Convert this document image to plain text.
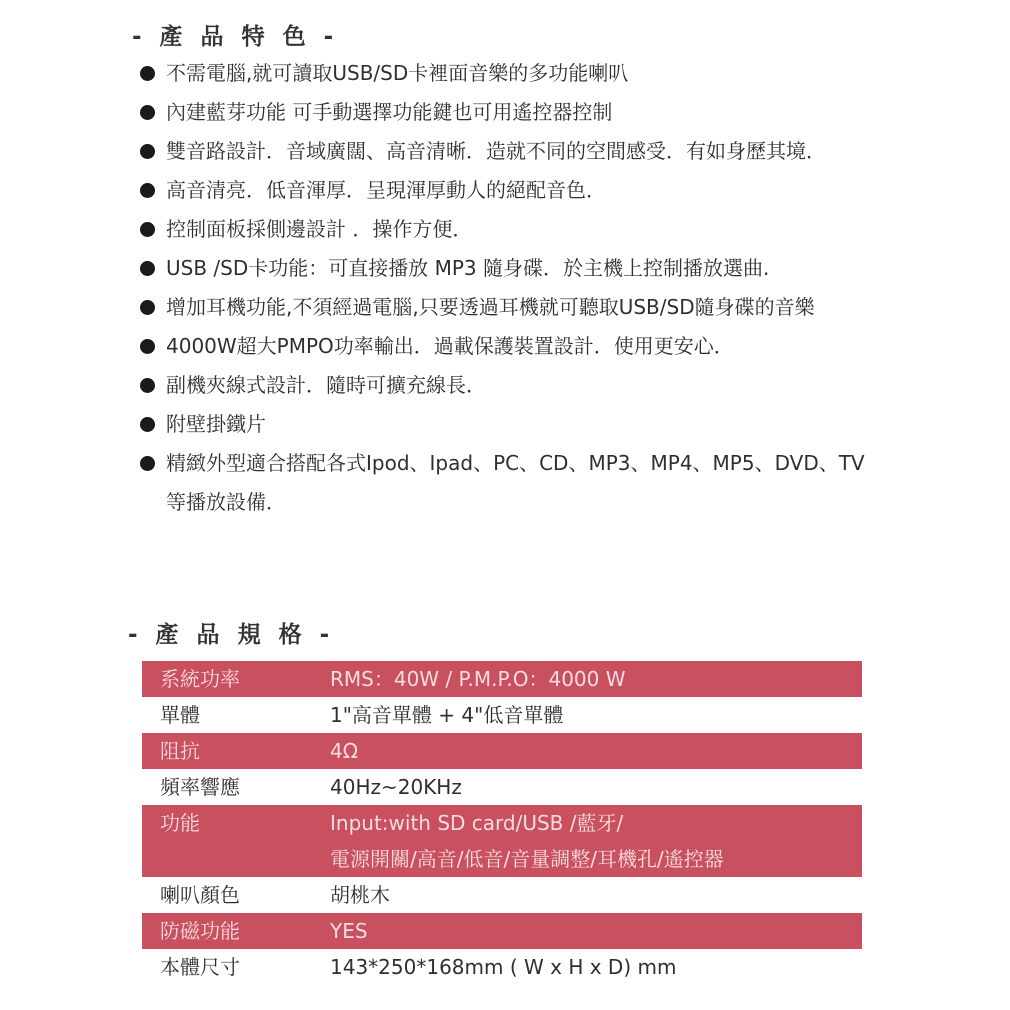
- 產 品 特 色 -
不需電腦,就可讀取USB/SD卡裡面音樂的多功能喇叭
內建藍芽功能 可手動選擇功能鍵也可用遙控器控制
雙音路設計．音域廣闊、高音清晰．造就不同的空間感受．有如身歷其境．
高音清亮．低音渾厚．呈現渾厚動人的絕配音色．
控制面板採側邊設計 ．操作方便．
USB /SD卡功能：可直接播放 MP3 隨身碟．於主機上控制播放選曲.
增加耳機功能,不須經過電腦,只要透過耳機就可聽取USB/SD隨身碟的音樂
4000W超大PMPO功率輸出．過載保護裝置設計．使用更安心．
副機夾線式設計．隨時可擴充線長．
附壁掛鐵片
精緻外型適合搭配各式Ipod、Ipad、PC、CD、MP3、MP4、MP5、DVD、TV等播放設備．
- 產 品 規 格 -
系統功率	RMS：40W / P.M.P.O：4000 W
單體	1"高音單體 + 4"低音單體
阻抗	4Ω
頻率響應	40Hz~20KHz
功能	Input:with SD card/USB /藍牙/
電源開關/高音/低音/音量調整/耳機孔/遙控器
喇叭顏色	胡桃木
防磁功能	YES
本體尺寸	143*250*168mm ( W x H x D) mm
